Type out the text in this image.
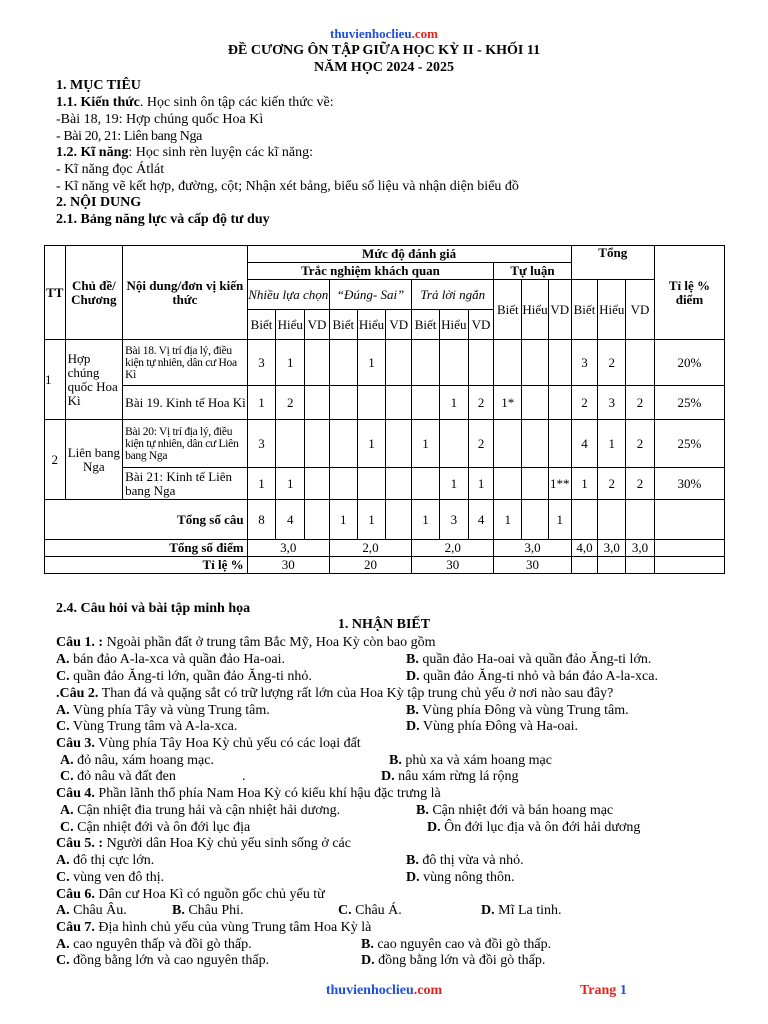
thuvienhoclieu.com
ĐỀ CƯƠNG ÔN TẬP GIỮA HỌC KỲ II - KHỐI 11
NĂM HỌC 2024 - 2025
1. MỤC TIÊU
1.1. Kiến thức. Học sinh ôn tập các kiến thức về:
-Bài 18, 19: Hợp chúng quốc Hoa Kì
- Bài 20, 21: Liên bang Nga
1.2. Kĩ năng: Học sinh rèn luyện các kĩ năng:
- Kĩ năng đọc Átlát
- Kĩ năng vẽ kết hợp, đường, cột; Nhận xét bảng, biểu số liệu và nhận diện biểu đồ
2. NỘI DUNG
2.1. Bảng năng lực và cấp độ tư duy
TT	Chủ đề/ Chương	Nội dung/đơn vị kiến thức	Mức độ đánh giá												Tổng			Tỉ lệ % điểm
			Trắc nghiệm khách quan									Tự luận						
			Nhiều lựa chọn			“Đúng- Sai”			Trả lời ngắn			Biết	Hiểu	VD	Biết	Hiểu	VD	
			Biết	Hiểu	VD	Biết	Hiểu	VD	Biết	Hiểu	VD							
1	Hợp chúng quốc Hoa Kì	Bài 18. Vị trí địa lý, điều kiện tự nhiên, dân cư Hoa Kì	3	1			1								3	2		20%
		Bài 19. Kinh tế Hoa Kì	1	2						1	2	1*			2	3	2	25%
2	Liên bang Nga	Bài 20: Vị trí địa lý, điều kiện tự nhiên, dân cư Liên bang Nga	3				1		1		2				4	1	2	25%
		Bài 21: Kinh tế Liên bang Nga	1	1						1	1			1**	1	2	2	30%
Tổng số câu			8	4		1	1		1	3	4	1		1				
Tổng số điểm			3,0			2,0			2,0			3,0			4,0	3,0	3,0	
Tỉ lệ %			30			20			30			30						
2.4. Câu hỏi và bài tập minh họa
1. NHẬN BIẾT
Câu 1. : Ngoài phần đất ở trung tâm Bắc Mỹ, Hoa Kỳ còn bao gồm
A. bán đảo A-la-xca và quần đảo Ha-oai.	B. quần đảo Ha-oai và quần đảo Ăng-ti lớn.
C. quần đảo Ăng-ti lớn, quần đảo Ăng-ti nhỏ.	D. quần đảo Ăng-ti nhỏ và bán đảo A-la-xca.
.Câu 2. Than đá và quặng sắt có trữ lượng rất lớn của Hoa Kỳ tập trung chủ yếu ở nơi nào sau đây?
A. Vùng phía Tây và vùng Trung tâm.	B. Vùng phía Đông và vùng Trung tâm.
C. Vùng Trung tâm và A-la-xca.	D. Vùng phía Đông và Ha-oai.
Câu 3. Vùng phía Tây Hoa Kỳ chủ yếu có các loại đất
A. đỏ nâu, xám hoang mạc.	B. phù xa và xám hoang mạc
C. đỏ nâu và đất đen	.	D. nâu xám rừng lá rộng
Câu 4. Phần lãnh thổ phía Nam Hoa Kỳ có kiểu khí hậu đặc trưng là
A. Cận nhiệt đia trung hải và cận nhiệt hải dương.	B. Cận nhiệt đới và bán hoang mạc
C. Cận nhiệt đới và ôn đới lục địa	D. Ôn đới lục địa và ôn đới hải dương
Câu 5. : Người dân Hoa Kỳ chủ yếu sinh sống ở các
A. đô thị cực lớn.	B. đô thị vừa và nhỏ.
C. vùng ven đô thị.	D. vùng nông thôn.
Câu 6. Dân cư Hoa Kì có nguồn gốc chủ yếu từ
A. Châu Âu.	B. Châu Phi.	C. Châu Á.	D. Mĩ La tinh.
Câu 7. Địa hình chủ yếu của vùng Trung tâm Hoa Kỳ là
A. cao nguyên thấp và đồi gò thấp.	B. cao nguyên cao và đồi gò thấp.
C. đồng bằng lớn và cao nguyên thấp.	D. đồng bằng lớn và đồi gò thấp.
thuvienhoclieu.com	Trang 1
